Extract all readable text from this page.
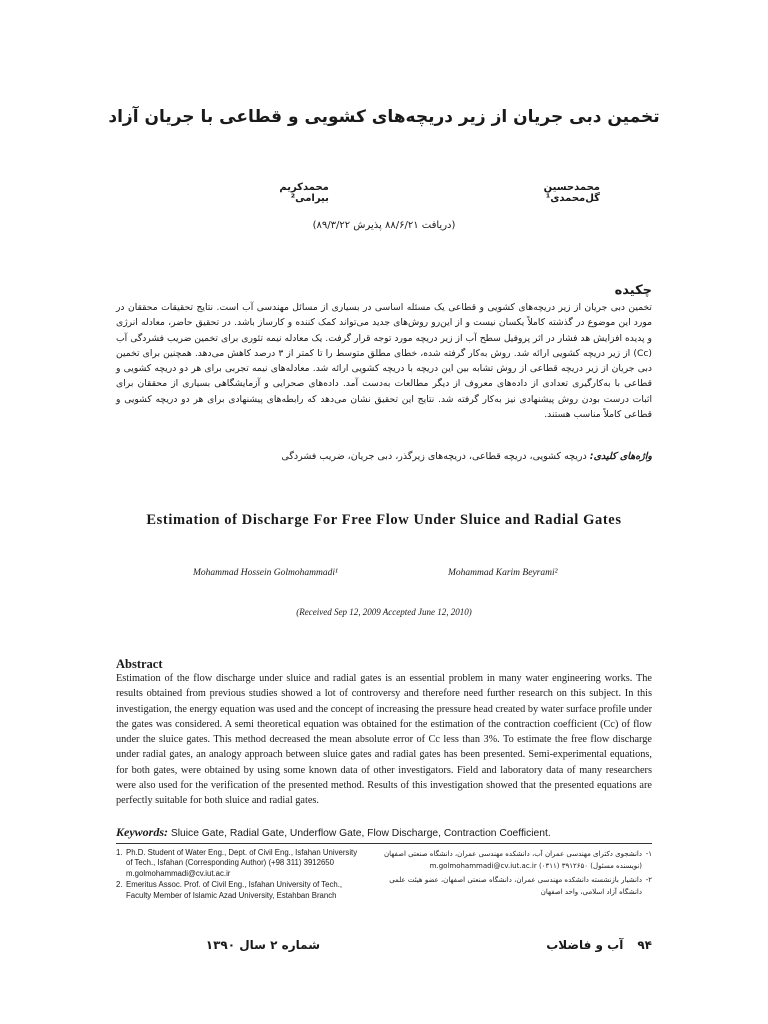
تخمین دبی جریان از زیر دریچه‌های کشویی و قطاعی با جریان آزاد
محمدحسین گل‌محمدی¹
محمدکریم بیرامی²
(دریافت ۸۸/۶/۲۱ پذیرش ۸۹/۳/۲۲)
چکیده
تخمین دبی جریان از زیر دریچه‌های کشویی و قطاعی یک مسئله اساسی در بسیاری از مسائل مهندسی آب است. نتایج تحقیقات محققان در مورد این موضوع در گذشته کاملاً یکسان نیست و از این‌رو روش‌های جدید می‌تواند کمک کننده و کارساز باشد. در تحقیق حاضر، معادله انرژی و پدیده افزایش هد فشار در اثر پروفیل سطح آب از زیر دریچه مورد توجه قرار گرفت. یک معادله نیمه تئوری برای تخمین ضریب فشردگی آب (Cc) از زیر دریچه کشویی ارائه شد. روش به‌کار گرفته شده، خطای مطلق متوسط را تا کمتر از ۳ درصد کاهش می‌دهد. همچنین برای تخمین دبی جریان از زیر دریچه قطاعی از روش تشابه بین این دریچه با دریچه کشویی ارائه شد. معادله‌های نیمه تجربی برای هر دو دریچه کشویی و قطاعی با به‌کارگیری تعدادی از داده‌های معروف از دیگر مطالعات به‌دست آمد. داده‌های صحرایی و آزمایشگاهی بسیاری از محققان برای اثبات درست بودن روش پیشنهادی نیز به‌کار گرفته شد. نتایج این تحقیق نشان می‌دهد که رابطه‌های پیشنهادی برای هر دو دریچه کشویی و قطاعی کاملاً مناسب هستند.
واژه‌های کلیدی: دریچه کشویی، دریچه قطاعی، دریچه‌های زیرگذر، دبی جریان، ضریب فشردگی
Estimation of Discharge For Free Flow Under Sluice and Radial Gates
Mohammad Hossein Golmohammadi¹	Mohammad Karim Beyrami²
(Received Sep 12, 2009 Accepted June 12, 2010)
Abstract
Estimation of the flow discharge under sluice and radial gates is an essential problem in many water engineering works. The results obtained from previous studies showed a lot of controversy and therefore need further research on this subject. In this investigation, the energy equation was used and the concept of increasing the pressure head created by water surface profile under the gates was considered. A semi theoretical equation was obtained for the estimation of the contraction coefficient (Cc) of flow under the sluice gates. This method decreased the mean absolute error of Cc less than 3%. To estimate the free flow discharge under radial gates, an analogy approach between sluice gates and radial gates has been presented. Semi-experimental equations, for both gates, were obtained by using some known data of other investigators. Field and laboratory data of many researchers were also used for the verification of the presented method. Results of this investigation showed that the presented equations are perfectly suitable for both sluice and radial gates.
Keywords: Sluice Gate, Radial Gate, Underflow Gate, Flow Discharge, Contraction Coefficient.
1. Ph.D. Student of Water Eng., Dept. of Civil Eng., Isfahan University of Tech., Isfahan (Corresponding Author) (+98 311) 3912650 m.golmohammadi@cv.iut.ac.ir
2. Emeritus Assoc. Prof. of Civil Eng., Isfahan University of Tech., Faculty Member of Islamic Azad University, Estahban Branch
۱-
دانشجوی دکترای مهندسی عمران آب، دانشکده مهندسی عمران، دانشگاه صنعتی اصفهان (نویسنده مسئول) ۳۹۱۲۶۵۰ (۰۳۱۱) m.golmohammadi@cv.iut.ac.ir
۲-
دانشیار بازنشسته دانشکده مهندسی عمران، دانشگاه صنعتی اصفهان، عضو هیئت علمی دانشگاه آزاد اسلامی، واحد اصفهان
شماره ۲ سال ۱۳۹۰	۹۴
آب و فاضلاب
